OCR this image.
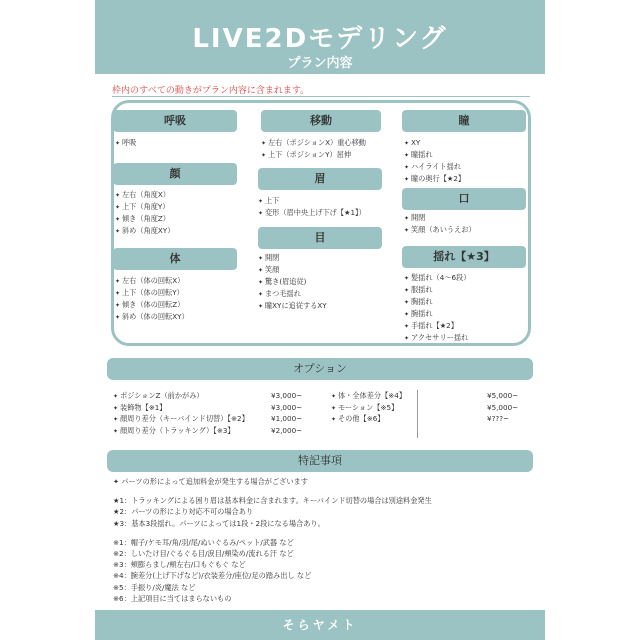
LIVE2Dモデリング
プラン内容
枠内のすべての動きがプラン内容に含まれます。
呼吸
✦ 呼吸
顔
✦ 左右（角度X）
✦ 上下（角度Y）
✦ 傾き（角度Z）
✦ 斜め（角度XY）
体
✦ 左右（体の回転X）
✦ 上下（体の回転Y）
✦ 傾き（体の回転Z）
✦ 斜め（体の回転XY）
移動
✦ 左右（ポジションX）重心移動
✦ 上下（ポジションY）屈伸
眉
✦ 上下
✦ 変形（眉中央上げ下げ【★1】）
目
✦ 開閉
✦ 笑顔
✦ 驚き(眉追従)
✦ まつ毛揺れ
✦ 瞳XYに追従するXY
瞳
✦ XY
✦ 瞳揺れ
✦ ハイライト揺れ
✦ 瞳の奥行【★2】
口
✦ 開閉
✦ 笑顔（あいうえお）
揺れ【★3】
✦ 髪揺れ（4～6段）
✦ 服揺れ
✦ 胸揺れ
✦ 腕揺れ
✦ 手揺れ【★2】
✦ アクセサリー揺れ
オプション
✦ ポジションZ（前かがみ）	¥3,000~
✦ 装飾物【※1】	¥3,000~
✦ 顔周り差分（キーバインド切替）【※2】	¥1,000~
✦ 顔周り差分（トラッキング）【※3】	¥2,000~
✦ 体・全体差分【※4】	¥5,000~
✦ モーション【※5】	¥5,000~
✦ その他【※6】	¥???~
特記事項
✦ パーツの形によって追加料金が発生する場合がございます
★1：トラッキングによる困り眉は基本料金に含まれます。キーバインド切替の場合は別途料金発生
★2：パーツの形により対応不可の場合あり
★3：基本3段揺れ。パーツによっては1段・2段になる場合あり。
※1：帽子/ケモ耳/角/羽/尾/ぬいぐるみ/ペット/武器 など
※2：しいたけ目/ぐるぐる目/涙目/頬染め/流れる汗 など
※3：頬膨らまし/頬左右/口もぐもぐ など
※4：腕差分(上げ下げなど)/衣装差分/座位/足の踏み出し など
※5：手振り/炎/魔法 など
※6：上記項目に当てはまらないもの
そらヤメト
